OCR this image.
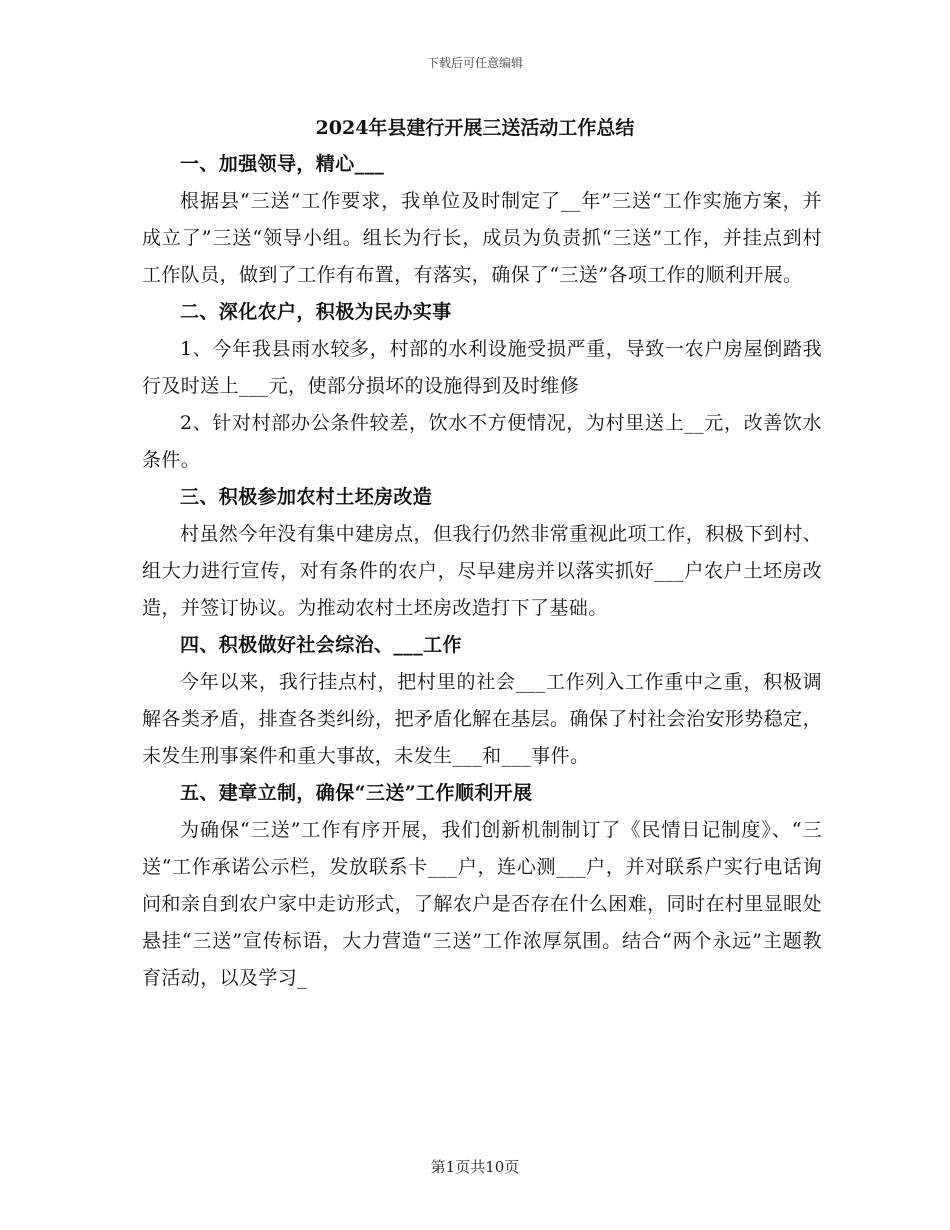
下载后可任意编辑
2024年县建行开展三送活动工作总结

一、加强领导，精心___

根据县“三送“工作要求，我单位及时制定了__年”三送“工作实施方案，并成立了”三送“领导小组。组长为行长，成员为负责抓“三送”工作，并挂点到村工作队员，做到了工作有布置，有落实，确保了“三送”各项工作的顺利开展。

二、深化农户，积极为民办实事

1、今年我县雨水较多，村部的水利设施受损严重，导致一农户房屋倒踏我行及时送上___元，使部分损坏的设施得到及时维修

2、针对村部办公条件较差，饮水不方便情况，为村里送上__元，改善饮水条件。

三、积极参加农村土坯房改造

村虽然今年没有集中建房点，但我行仍然非常重视此项工作，积极下到村、组大力进行宣传，对有条件的农户，尽早建房并以落实抓好___户农户土坯房改造，并签订协议。为推动农村土坯房改造打下了基础。

四、积极做好社会综治、___工作

今年以来，我行挂点村，把村里的社会___工作列入工作重中之重，积极调解各类矛盾，排查各类纠纷，把矛盾化解在基层。确保了村社会治安形势稳定，未发生刑事案件和重大事故，未发生___和___事件。

五、建章立制，确保“三送”工作顺利开展

为确保“三送”工作有序开展，我们创新机制制订了《民情日记制度》、“三送“工作承诺公示栏，发放联系卡___户，连心测___户，并对联系户实行电话询问和亲自到农户家中走访形式，了解农户是否存在什么困难，同时在村里显眼处悬挂“三送”宣传标语，大力营造“三送”工作浓厚氛围。结合“两个永远”主题教育活动，以及学习_

第1页共10页
